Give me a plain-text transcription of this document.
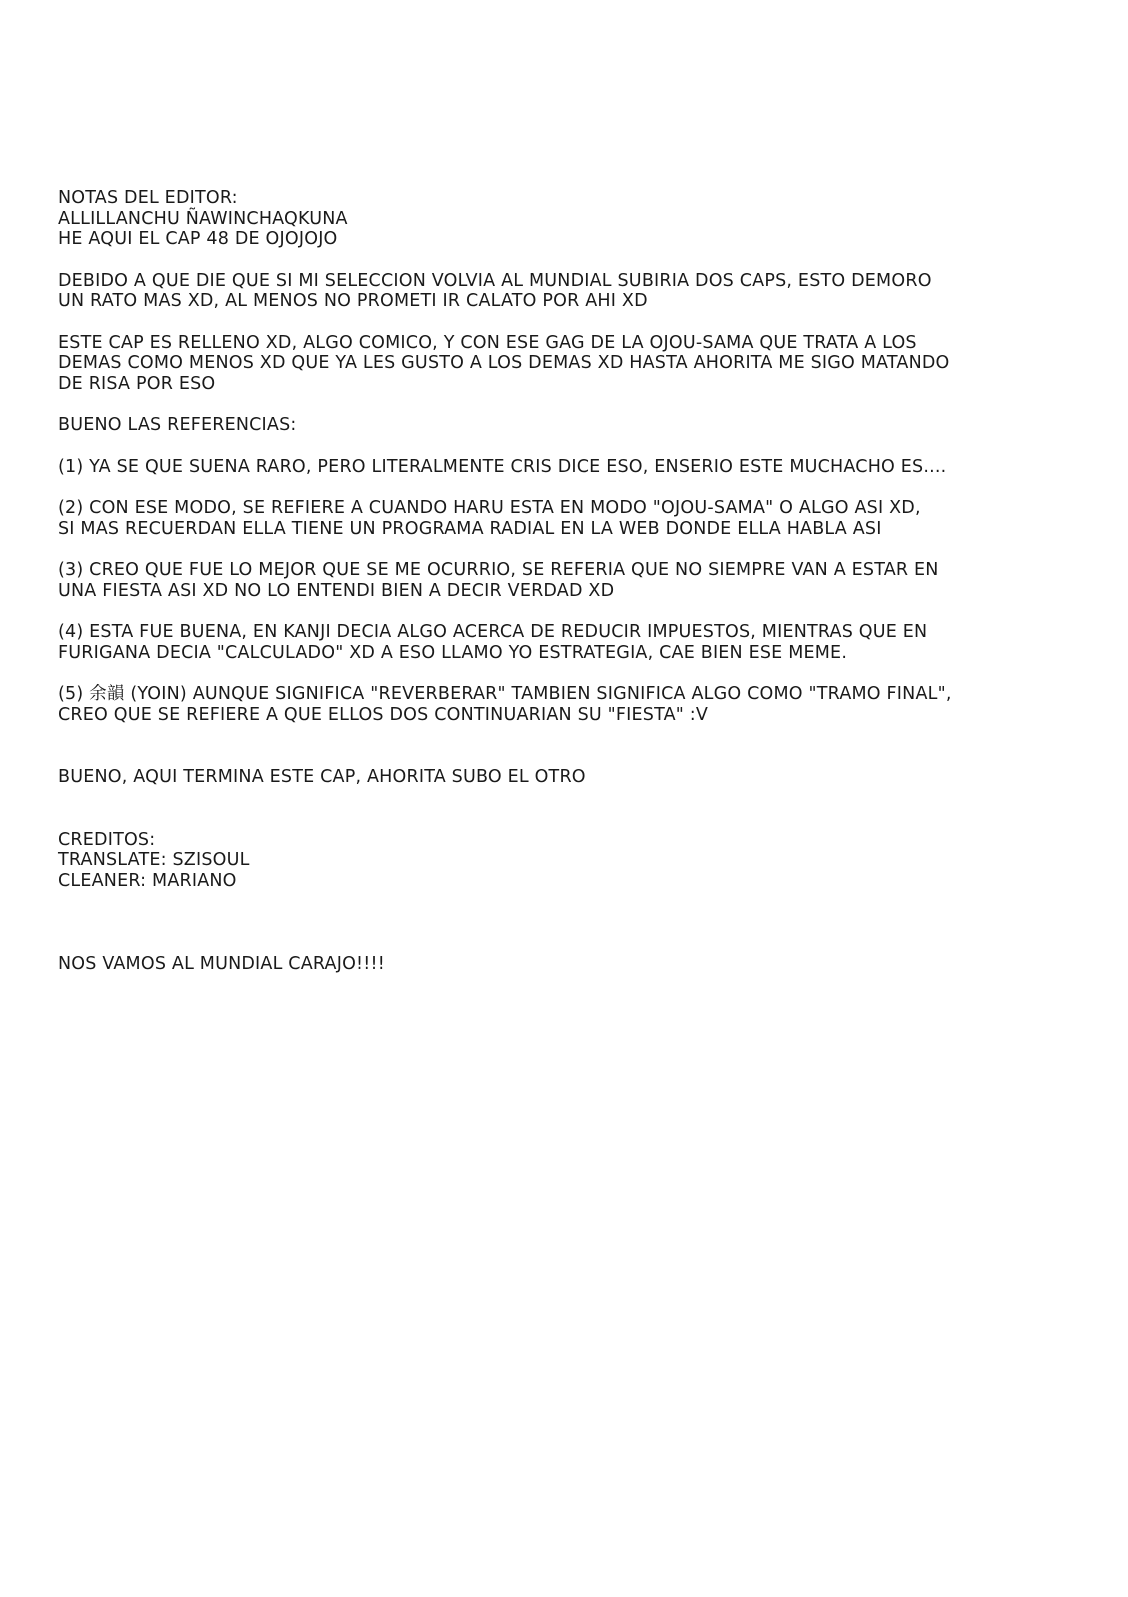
NOTAS DEL EDITOR:
ALLILLANCHU ÑAWINCHAQKUNA
HE AQUI EL CAP 48 DE OJOJOJO
DEBIDO A QUE DIE QUE SI MI SELECCION VOLVIA AL MUNDIAL SUBIRIA DOS CAPS, ESTO DEMORO
UN RATO MAS XD, AL MENOS NO PROMETI IR CALATO POR AHI XD
ESTE CAP ES RELLENO XD, ALGO COMICO, Y CON ESE GAG DE LA OJOU-SAMA QUE TRATA A LOS
DEMAS COMO MENOS XD QUE YA LES GUSTO A LOS DEMAS XD HASTA AHORITA ME SIGO MATANDO
DE RISA POR ESO
BUENO LAS REFERENCIAS:
(1) YA SE QUE SUENA RARO, PERO LITERALMENTE CRIS DICE ESO, ENSERIO ESTE MUCHACHO ES....
(2) CON ESE MODO, SE REFIERE A CUANDO HARU ESTA EN MODO "OJOU-SAMA" O ALGO ASI XD,
SI MAS RECUERDAN ELLA TIENE UN PROGRAMA RADIAL EN LA WEB DONDE ELLA HABLA ASI
(3) CREO QUE FUE LO MEJOR QUE SE ME OCURRIO, SE REFERIA QUE NO SIEMPRE VAN A ESTAR EN
UNA FIESTA ASI XD NO LO ENTENDI BIEN A DECIR VERDAD XD
(4) ESTA FUE BUENA, EN KANJI DECIA ALGO ACERCA DE REDUCIR IMPUESTOS, MIENTRAS QUE EN
FURIGANA DECIA "CALCULADO" XD A ESO LLAMO YO ESTRATEGIA, CAE BIEN ESE MEME.
(5) 余韻 (YOIN) AUNQUE SIGNIFICA "REVERBERAR" TAMBIEN SIGNIFICA ALGO COMO "TRAMO FINAL",
CREO QUE SE REFIERE A QUE ELLOS DOS CONTINUARIAN SU "FIESTA" :V
BUENO, AQUI TERMINA ESTE CAP, AHORITA SUBO EL OTRO
CREDITOS:
TRANSLATE: SZISOUL
CLEANER: MARIANO
NOS VAMOS AL MUNDIAL CARAJO!!!!
